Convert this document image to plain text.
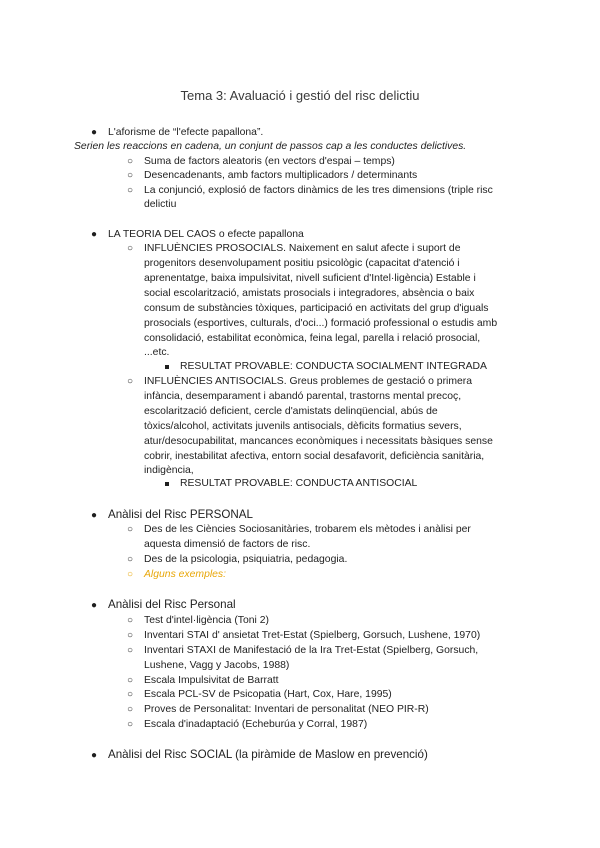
Tema 3: Avaluació i gestió del risc delictiu
● L'aforisme de “l'efecte papallona”.
Serien les reaccions en cadena, un conjunt de passos cap a les conductes delictives.
○ Suma de factors aleatoris (en vectors d'espai – temps)
○ Desencadenants, amb factors multiplicadors / determinants
○ La conjunció, explosió de factors dinàmics de les tres dimensions (triple risc
delictiu
● LA TEORIA DEL CAOS o efecte papallona
○ INFLUÈNCIES PROSOCIALS. Naixement en salut afecte i suport de
progenitors desenvolupament positiu psicològic (capacitat d'atenció i
aprenentatge, baixa impulsivitat, nivell suficient d'Intel·ligència) Estable i
social escolarització, amistats prosocials i integradores, absència o baix
consum de substàncies tòxiques, participació en activitats del grup d'iguals
prosocials (esportives, culturals, d'oci...) formació professional o estudis amb
consolidació, estabilitat econòmica, feina legal, parella i relació prosocial,
...etc.
RESULTAT PROVABLE: CONDUCTA SOCIALMENT INTEGRADA
○ INFLUÈNCIES ANTISOCIALS. Greus problemes de gestació o primera
infància, desemparament i abandó parental, trastorns mental precoç,
escolarització deficient, cercle d'amistats delinqüencial, abús de
tòxics/alcohol, activitats juvenils antisocials, dèficits formatius severs,
atur/desocupabilitat, mancances econòmiques i necessitats bàsiques sense
cobrir, inestabilitat afectiva, entorn social desafavorit, deficiència sanitària,
indigència,
RESULTAT PROVABLE: CONDUCTA ANTISOCIAL
● Anàlisi del Risc PERSONAL
○ Des de les Ciències Sociosanitàries, trobarem els mètodes i anàlisi per
aquesta dimensió de factors de risc.
○ Des de la psicologia, psiquiatria, pedagogia.
○ Alguns exemples:
● Anàlisi del Risc Personal
○ Test d'intel·ligència (Toni 2)
○ Inventari STAI d' ansietat Tret-Estat (Spielberg, Gorsuch, Lushene, 1970)
○ Inventari STAXI de Manifestació de la Ira Tret-Estat (Spielberg, Gorsuch,
Lushene, Vagg y Jacobs, 1988)
○ Escala Impulsivitat de Barratt
○ Escala PCL-SV de Psicopatia (Hart, Cox, Hare, 1995)
○ Proves de Personalitat: Inventari de personalitat (NEO PIR-R)
○ Escala d'inadaptació (Echeburúa y Corral, 1987)
● Anàlisi del Risc SOCIAL (la piràmide de Maslow en prevenció)
